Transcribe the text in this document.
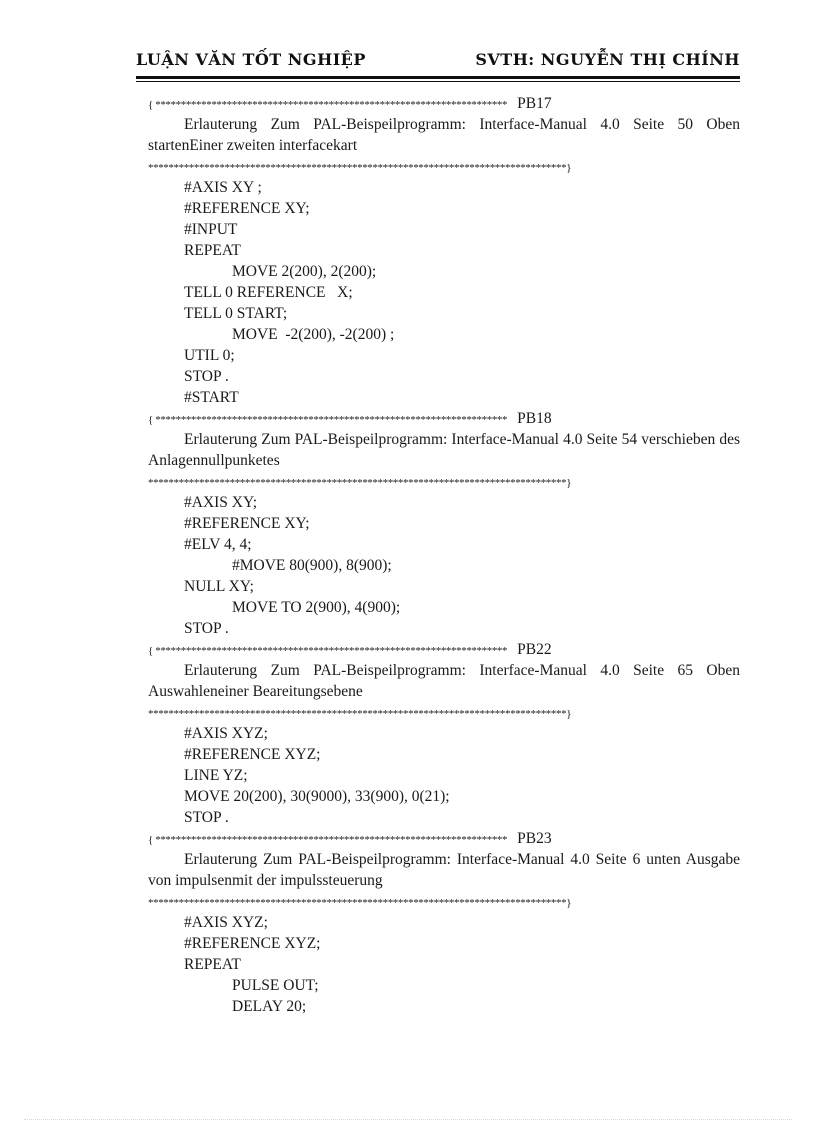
LUẬN VĂN TỐT NGHIỆP	SVTH: NGUYỄN THỊ CHÍNH
{ ********************************************************************* PB17
Erlauterung Zum PAL-Beispeilprogramm: Interface-Manual 4.0 Seite 50 Oben startenEiner zweiten interfacekart
**********************************************************************************}
#AXIS XY ;
#REFERENCE XY;
#INPUT
REPEAT
MOVE 2(200), 2(200);
TELL 0 REFERENCE   X;
TELL 0 START;
MOVE  -2(200), -2(200) ;
UTIL 0;
STOP .
#START
{ ********************************************************************* PB18
Erlauterung Zum PAL-Beispeilprogramm: Interface-Manual 4.0 Seite 54 verschieben des Anlagennullpunketes
**********************************************************************************}
#AXIS XY;
#REFERENCE XY;
#ELV 4, 4;
#MOVE 80(900), 8(900);
NULL XY;
MOVE TO 2(900), 4(900);
STOP .
{ ********************************************************************* PB22
Erlauterung Zum PAL-Beispeilprogramm: Interface-Manual 4.0 Seite 65 Oben Auswahleneiner Beareitungsebene
**********************************************************************************}
#AXIS XYZ;
#REFERENCE XYZ;
LINE YZ;
MOVE 20(200), 30(9000), 33(900), 0(21);
STOP .
{ ********************************************************************* PB23
Erlauterung Zum PAL-Beispeilprogramm: Interface-Manual 4.0 Seite 6 unten Ausgabe von impulsenmit der impulssteuerung
**********************************************************************************}
#AXIS XYZ;
#REFERENCE XYZ;
REPEAT
PULSE OUT;
DELAY 20;
